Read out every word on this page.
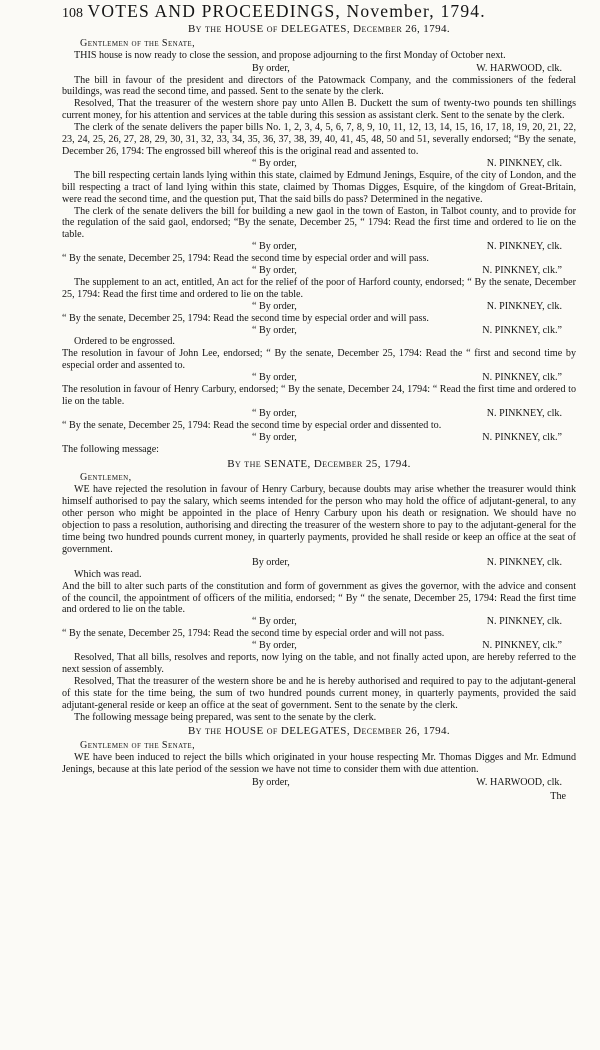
108 VOTES AND PROCEEDINGS, November, 1794.
By the HOUSE of DELEGATES, December 26, 1794.
Gentlemen of the Senate,

THIS house is now ready to close the session, and propose adjourning to the first Monday of October next.

By order,	W. HARWOOD, clk.

The bill in favour of the president and directors of the Patowmack Company, and the commissioners of the federal buildings, was read the second time, and passed. Sent to the senate by the clerk.

Resolved, That the treasurer of the western shore pay unto Allen B. Duckett the sum of twenty-two pounds ten shillings current money, for his attention and services at the table during this session as assistant clerk. Sent to the senate by the clerk.

The clerk of the senate delivers the paper bills No. 1, 2, 3, 4, 5, 6, 7, 8, 9, 10, 11, 12, 13, 14, 15, 16, 17, 18, 19, 20, 21, 22, 23, 24, 25, 26, 27, 28, 29, 30, 31, 32, 33, 34, 35, 36, 37, 38, 39, 40, 41, 45, 48, 50 and 51, severally endorsed; “By the senate, December 26, 1794: The engrossed bill whereof this is the original read and assented to.

“ By order,	N. PINKNEY, clk.

The bill respecting certain lands lying within this state, claimed by Edmund Jenings, Esquire, of the city of London, and the bill respecting a tract of land lying within this state, claimed by Thomas Digges, Esquire, of the kingdom of Great-Britain, were read the second time, and the question put, That the said bills do pass? Determined in the negative.

The clerk of the senate delivers the bill for building a new gaol in the town of Easton, in Talbot county, and to provide for the regulation of the said gaol, endorsed; “By the senate, December 25, “ 1794: Read the first time and ordered to lie on the table.

“ By order,	N. PINKNEY, clk.

“ By the senate, December 25, 1794: Read the second time by especial order and will pass.

“ By order,	N. PINKNEY, clk.”

The supplement to an act, entitled, An act for the relief of the poor of Harford county, endorsed; “ By the senate, December 25, 1794: Read the first time and ordered to lie on the table.

“ By order,	N. PINKNEY, clk.

“ By the senate, December 25, 1794: Read the second time by especial order and will pass.

“ By order,	N. PINKNEY, clk.”

Ordered to be engrossed.

The resolution in favour of John Lee, endorsed; “ By the senate, December 25, 1794: Read the “ first and second time by especial order and assented to.

“ By order,	N. PINKNEY, clk.”

The resolution in favour of Henry Carbury, endorsed; “ By the senate, December 24, 1794: “ Read the first time and ordered to lie on the table.

“ By order,	N. PINKNEY, clk.

“ By the senate, December 25, 1794: Read the second time by especial order and dissented to.

“ By order,	N. PINKNEY, clk.”

The following message:

By the SENATE, December 25, 1794.
Gentlemen,

WE have rejected the resolution in favour of Henry Carbury, because doubts may arise whether the treasurer would think himself authorised to pay the salary, which seems intended for the person who may hold the office of adjutant-general, to any other person who might be appointed in the place of Henry Carbury upon his death or resignation. We should have no objection to pass a resolution, authorising and directing the treasurer of the western shore to pay to the adjutant-general for the time being two hundred pounds current money, in quarterly payments, provided he shall reside or keep an office at the seat of government.

By order,	N. PINKNEY, clk.

Which was read.

And the bill to alter such parts of the constitution and form of government as gives the governor, with the advice and consent of the council, the appointment of officers of the militia, endorsed; “ By “ the senate, December 25, 1794: Read the first time and ordered to lie on the table.

“ By order,	N. PINKNEY, clk.

“ By the senate, December 25, 1794: Read the second time by especial order and will not pass.

“ By order,	N. PINKNEY, clk.”

Resolved, That all bills, resolves and reports, now lying on the table, and not finally acted upon, are hereby referred to the next session of assembly.

Resolved, That the treasurer of the western shore be and he is hereby authorised and required to pay to the adjutant-general of this state for the time being, the sum of two hundred pounds current money, in quarterly payments, provided the said adjutant-general reside or keep an office at the seat of government. Sent to the senate by the clerk.

The following message being prepared, was sent to the senate by the clerk.

By the HOUSE of DELEGATES, December 26, 1794.
Gentlemen of the Senate,

WE have been induced to reject the bills which originated in your house respecting Mr. Thomas Digges and Mr. Edmund Jenings, because at this late period of the session we have not time to consider them with due attention.

By order,	W. HARWOOD, clk.
The
